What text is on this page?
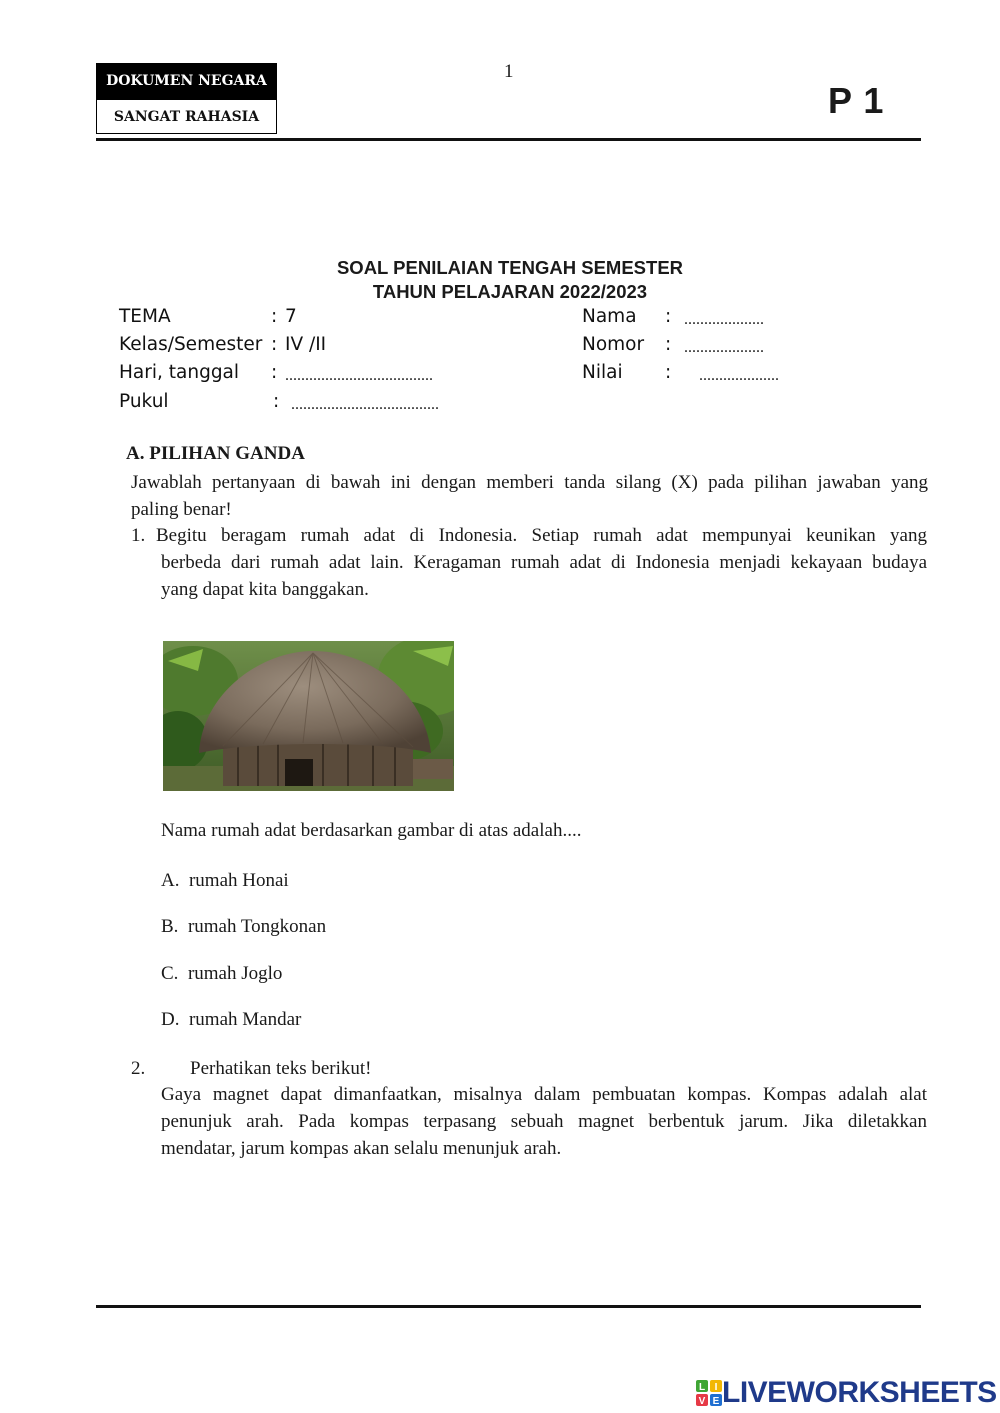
DOKUMEN NEGARA
SANGAT RAHASIA
1
P 1
SOAL PENILAIAN TENGAH SEMESTER
TAHUN PELAJARAN 2022/2023
TEMA	: 7
Kelas/Semester : IV /II
Hari, tanggal : .....................................
Pukul	: .....................................
Nama : ....................
Nomor : ....................
Nilai : ....................
A. PILIHAN GANDA
Jawablah pertanyaan di bawah ini dengan memberi tanda silang (X) pada pilihan jawaban yang
paling benar!
1. Begitu beragam rumah adat di Indonesia. Setiap rumah adat mempunyai keunikan yang
berbeda dari rumah adat lain. Keragaman rumah adat di Indonesia menjadi kekayaan budaya
yang dapat kita banggakan.
Nama rumah adat berdasarkan gambar di atas adalah....
A. rumah Honai
B. rumah Tongkonan
C. rumah Joglo
D. rumah Mandar
2. Perhatikan teks berikut!
Gaya magnet dapat dimanfaatkan, misalnya dalam pembuatan kompas. Kompas adalah alat
penunjuk arah. Pada kompas terpasang sebuah magnet berbentuk jarum. Jika diletakkan
mendatar, jarum kompas akan selalu menunjuk arah.
L I
V E LIVEWORKSHEETS
